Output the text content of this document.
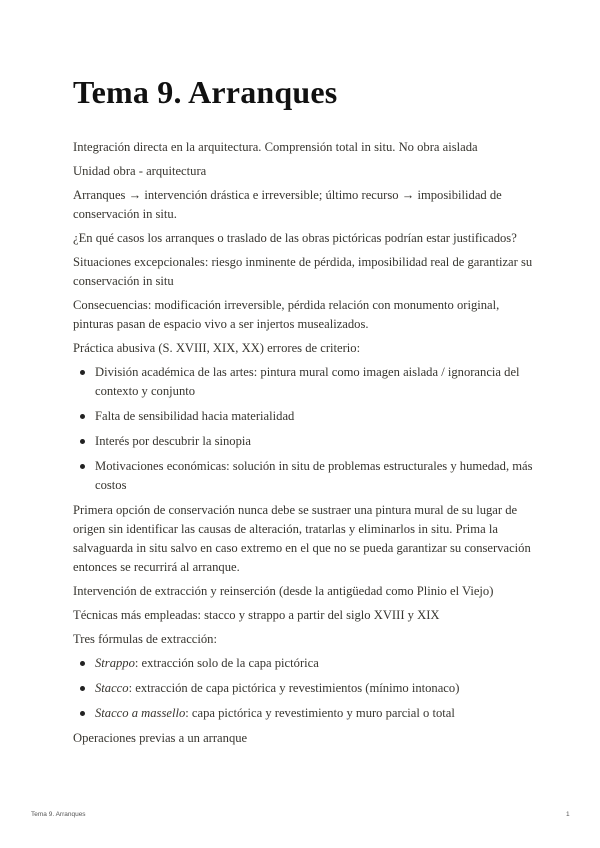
Tema 9. Arranques

Integración directa en la arquitectura. Comprensión total in situ. No obra aislada

Unidad obra - arquitectura

Arranques → intervención drástica e irreversible; último recurso → imposibilidad de conservación in situ.

¿En qué casos los arranques o traslado de las obras pictóricas podrían estar justificados?

Situaciones excepcionales: riesgo inminente de pérdida, imposibilidad real de garantizar su conservación in situ

Consecuencias: modificación irreversible, pérdida relación con monumento original, pinturas pasan de espacio vivo a ser injertos musealizados.

Práctica abusiva (S. XVIII, XIX, XX) errores de criterio:

División académica de las artes: pintura mural como imagen aislada / ignorancia del contexto y conjunto
Falta de sensibilidad hacia materialidad
Interés por descubrir la sinopia
Motivaciones económicas: solución in situ de problemas estructurales y humedad, más costos

Primera opción de conservación nunca debe se sustraer una pintura mural de su lugar de origen sin identificar las causas de alteración, tratarlas y eliminarlos in situ. Prima la salvaguarda in situ salvo en caso extremo en el que no se pueda garantizar su conservación entonces se recurrirá al arranque.

Intervención de extracción y reinserción (desde la antigüedad como Plinio el Viejo)

Técnicas más empleadas: stacco y strappo a partir del siglo XVIII y XIX

Tres fórmulas de extracción:

Strappo: extracción solo de la capa pictórica
Stacco: extracción de capa pictórica y revestimientos (mínimo intonaco)
Stacco a massello: capa pictórica y revestimiento y muro parcial o total

Operaciones previas a un arranque

Tema 9. Arranques	1
